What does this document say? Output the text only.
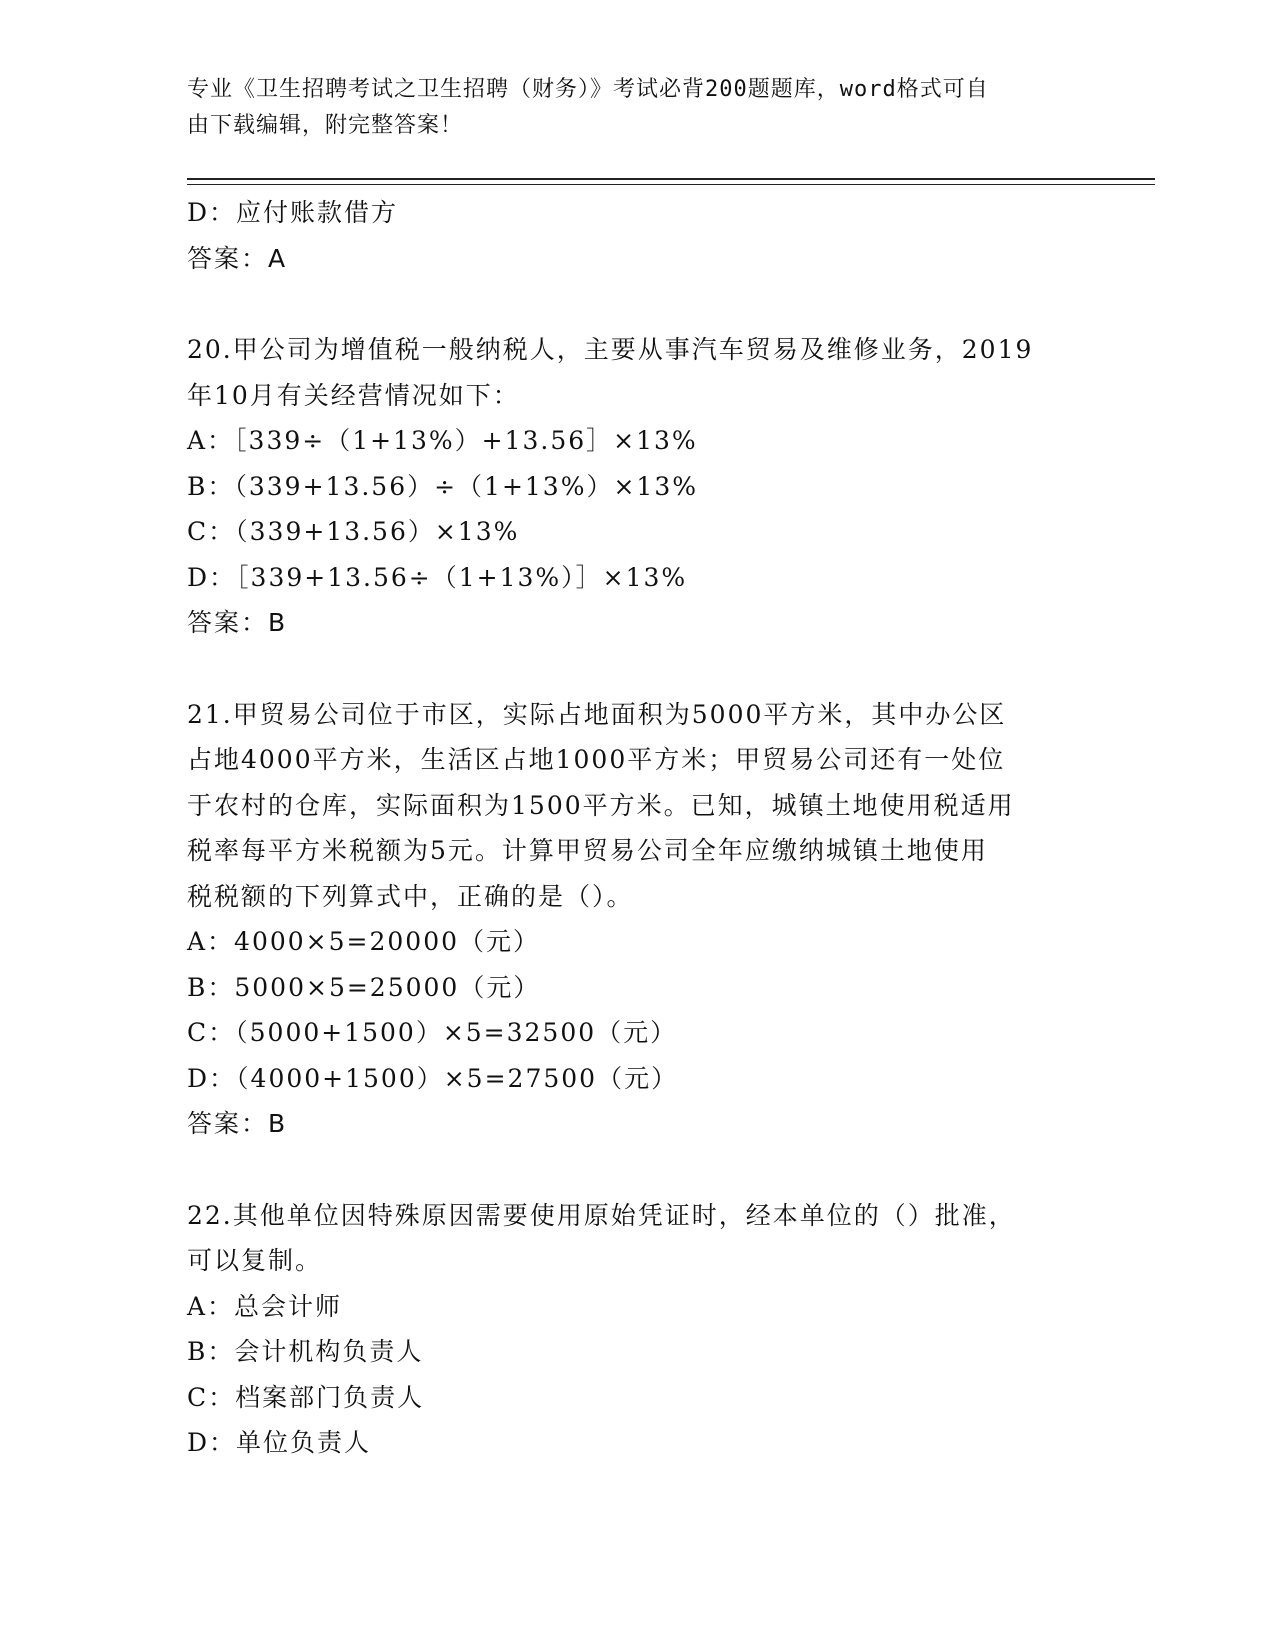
专业《卫生招聘考试之卫生招聘（财务）》考试必背200题题库，word格式可自
由下载编辑，附完整答案！
D：应付账款借方
答案：A
20.甲公司为增值税一般纳税人，主要从事汽车贸易及维修业务，2019
年10月有关经营情况如下：
A：［339÷（1+13%）+13.56］×13%
B：（339+13.56）÷（1+13%）×13%
C：（339+13.56）×13%
D：［339+13.56÷（1+13%）］×13%
答案：B
21.甲贸易公司位于市区，实际占地面积为5000平方米，其中办公区
占地4000平方米，生活区占地1000平方米；甲贸易公司还有一处位
于农村的仓库，实际面积为1500平方米。已知，城镇土地使用税适用
税率每平方米税额为5元。计算甲贸易公司全年应缴纳城镇土地使用
税税额的下列算式中，正确的是（）。
A：4000×5=20000（元）
B：5000×5=25000（元）
C：（5000+1500）×5=32500（元）
D：（4000+1500）×5=27500（元）
答案：B
22.其他单位因特殊原因需要使用原始凭证时，经本单位的（）批准，
可以复制。
A：总会计师
B：会计机构负责人
C：档案部门负责人
D：单位负责人
